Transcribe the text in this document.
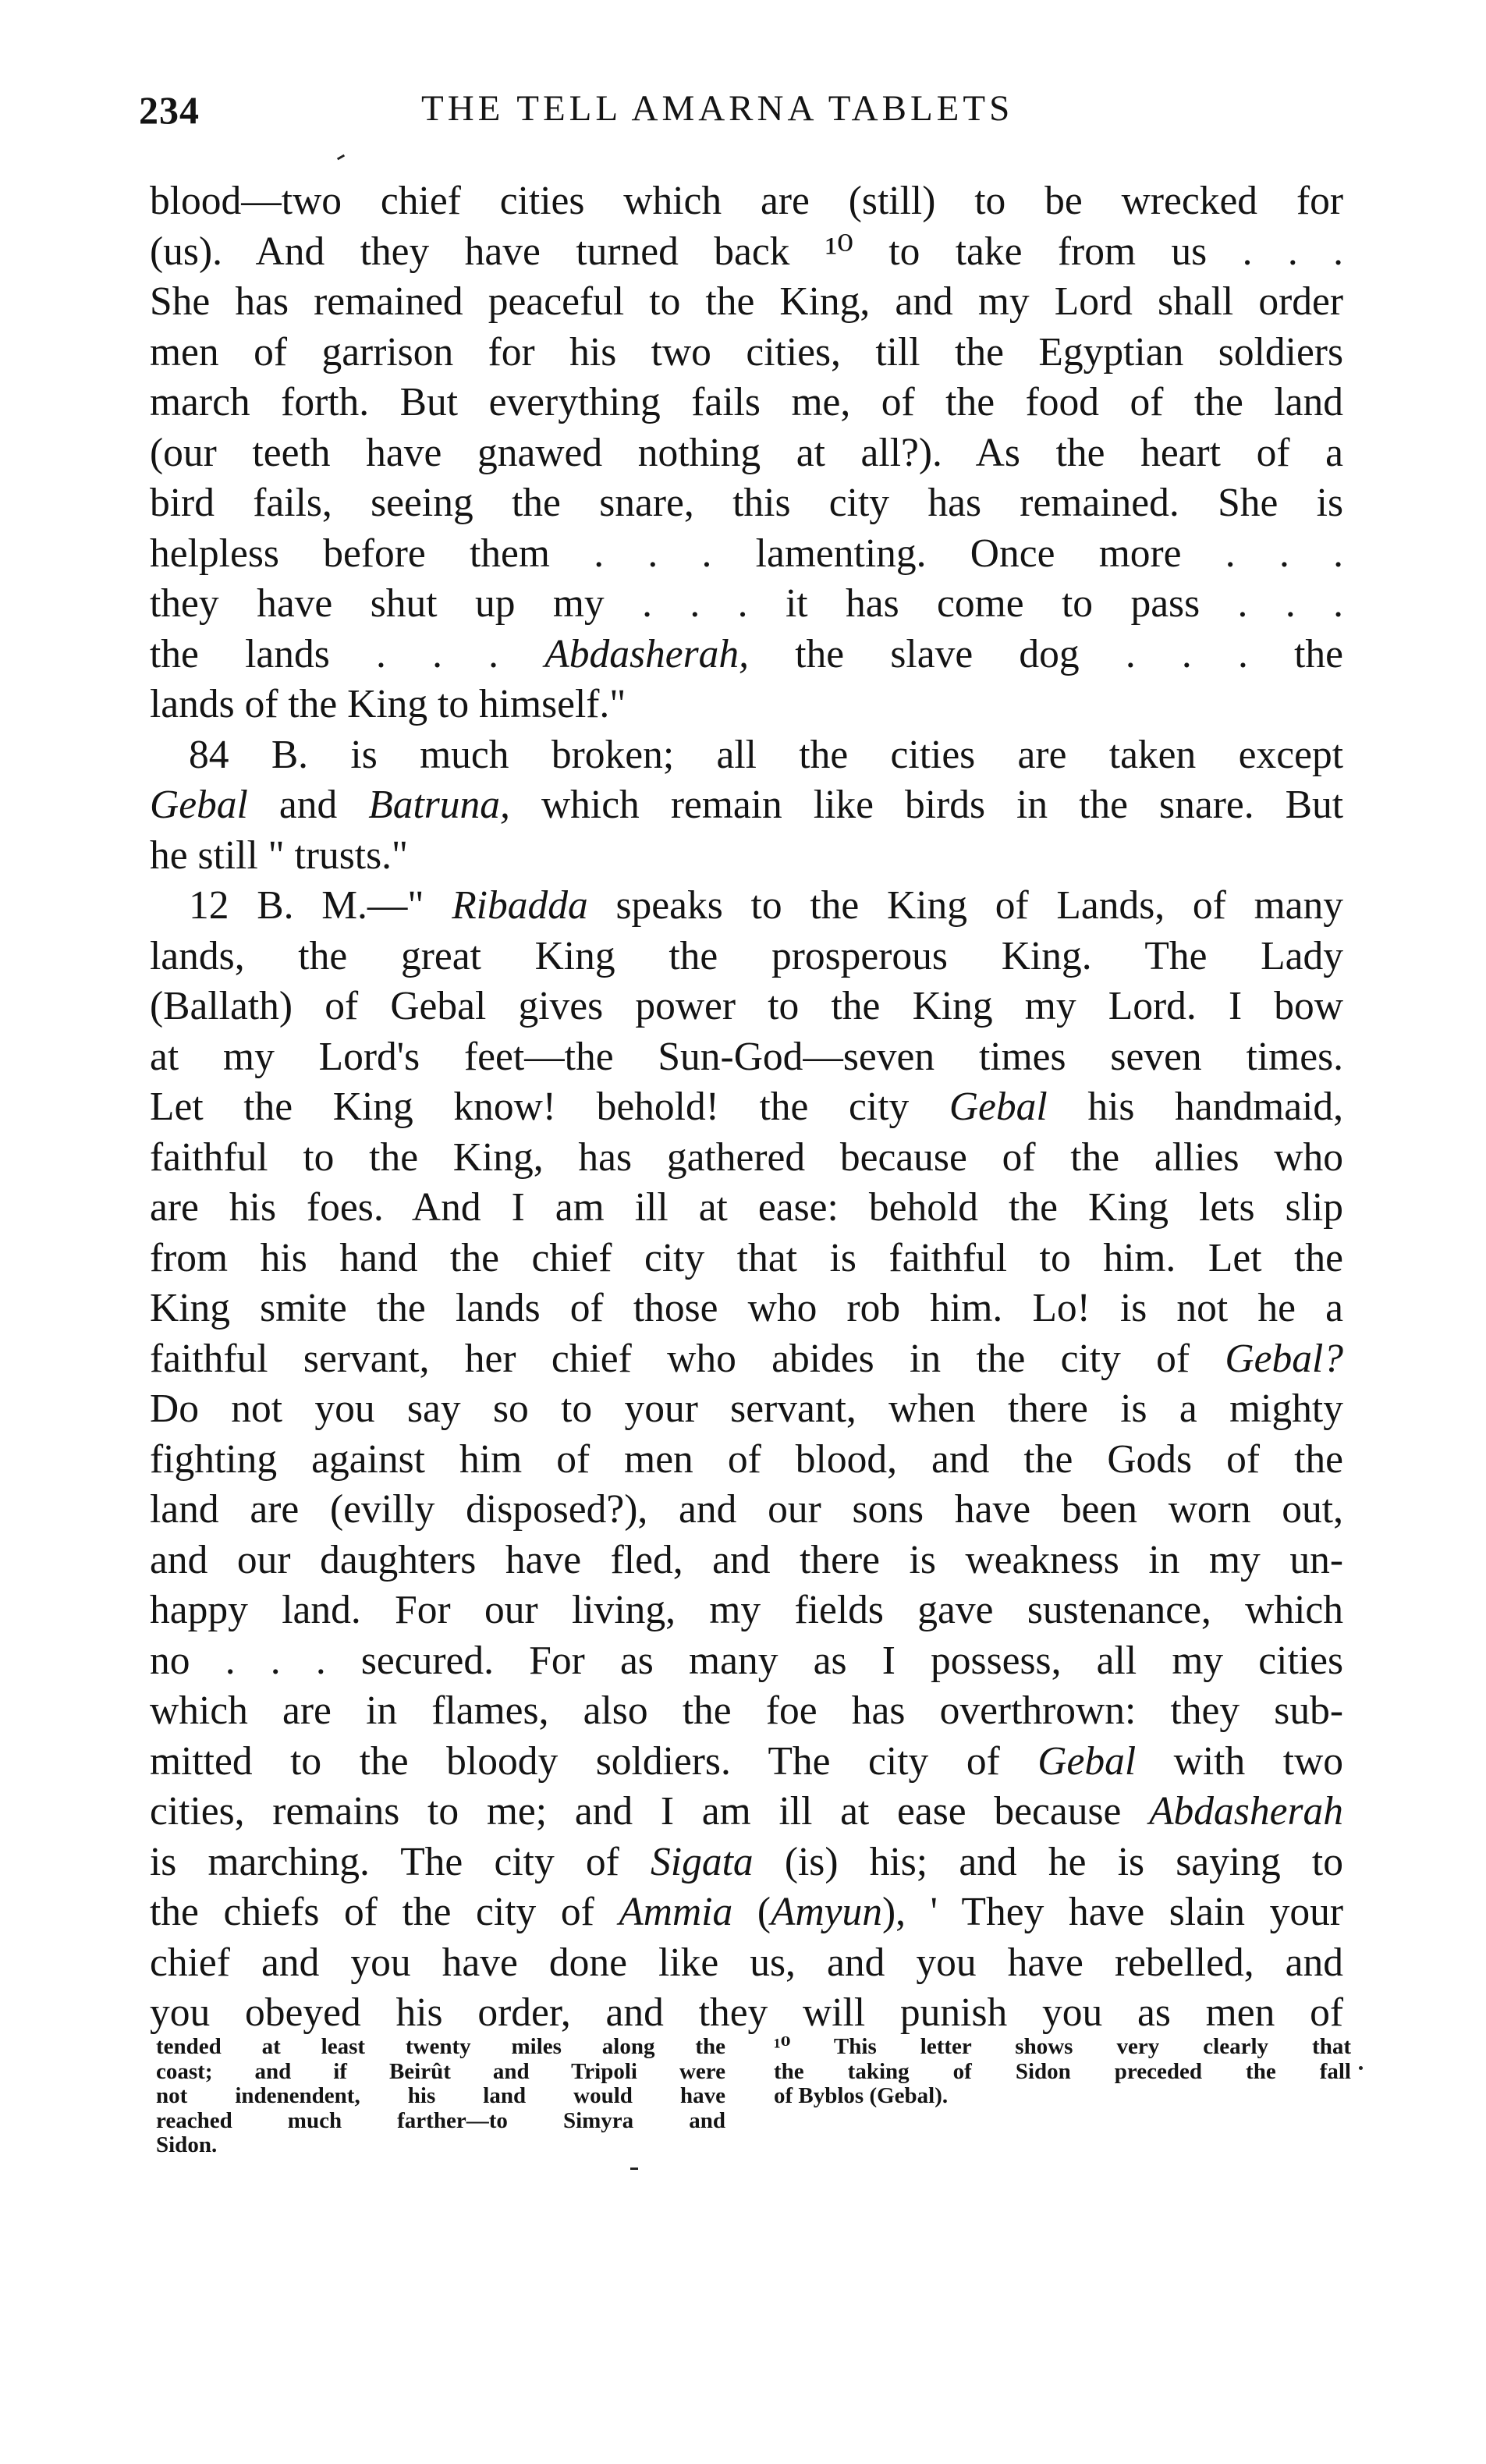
234	THE TELL AMARNA TABLETS
blood—two chief cities which are (still) to be wrecked for
(us). And they have turned back ¹⁰ to take from us . . .
She has remained peaceful to the King, and my Lord shall order
men of garrison for his two cities, till the Egyptian soldiers
march forth. But everything fails me, of the food of the land
(our teeth have gnawed nothing at all?). As the heart of a
bird fails, seeing the snare, this city has remained. She is
helpless before them . . . lamenting. Once more . . .
they have shut up my . . . it has come to pass . . .
the lands . . . Abdasherah, the slave dog . . . the
lands of the King to himself."
84 B. is much broken; all the cities are taken except
Gebal and Batruna, which remain like birds in the snare. But
he still " trusts."
12 B. M.—" Ribadda speaks to the King of Lands, of many
lands, the great King the prosperous King. The Lady
(Ballath) of Gebal gives power to the King my Lord. I bow
at my Lord's feet—the Sun-God—seven times seven times.
Let the King know! behold! the city Gebal his handmaid,
faithful to the King, has gathered because of the allies who
are his foes. And I am ill at ease: behold the King lets slip
from his hand the chief city that is faithful to him. Let the
King smite the lands of those who rob him. Lo! is not he a
faithful servant, her chief who abides in the city of Gebal?
Do not you say so to your servant, when there is a mighty
fighting against him of men of blood, and the Gods of the
land are (evilly disposed?), and our sons have been worn out,
and our daughters have fled, and there is weakness in my un-
happy land. For our living, my fields gave sustenance, which
no . . . secured. For as many as I possess, all my cities
which are in flames, also the foe has overthrown: they sub-
mitted to the bloody soldiers. The city of Gebal with two
cities, remains to me; and I am ill at ease because Abdasherah
is marching. The city of Sigata (is) his; and he is saying to
the chiefs of the city of Ammia (Amyun), ' They have slain your
chief and you have done like us, and you have rebelled, and
you obeyed his order, and they will punish you as men of
tended at least twenty miles along the
coast; and if Beirût and Tripoli were
not indenendent, his land would have
reached much farther—to Simyra and
Sidon.
¹⁰ This letter shows very clearly that
the taking of Sidon preceded the fall
of Byblos (Gebal).
